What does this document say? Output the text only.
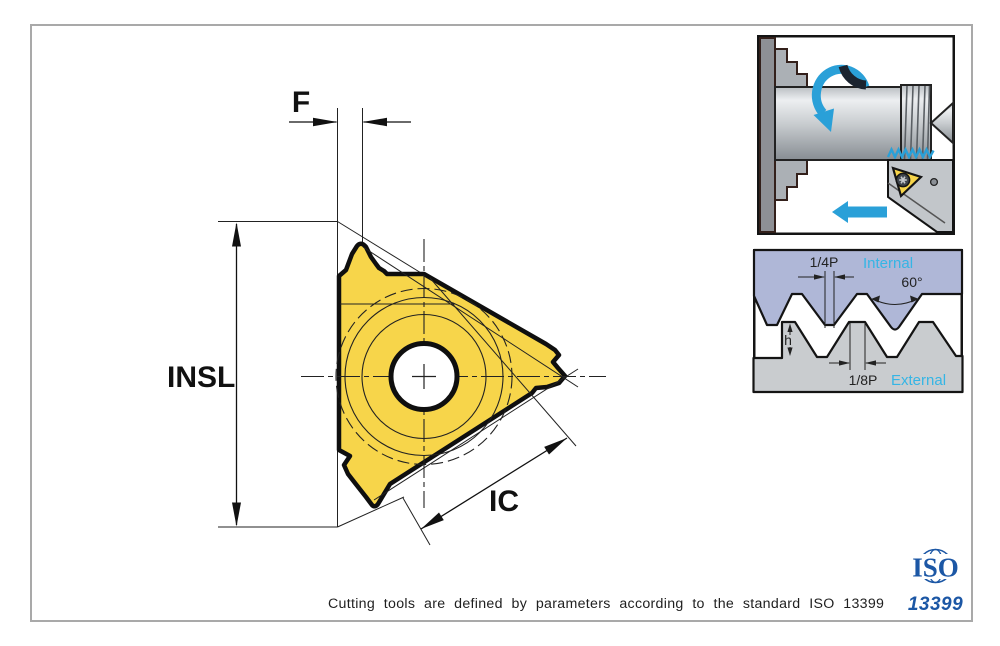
F
INSL
IC
1/4P Internal
60°
h
1/8P External
ISO
13399
Cutting tools are defined by parameters according to the standard ISO 13399
